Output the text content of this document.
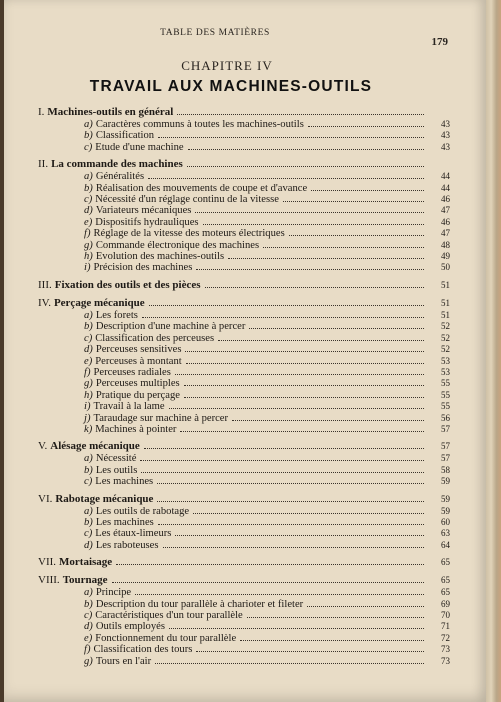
TABLE DES MATIÈRES
179
CHAPITRE IV
TRAVAIL AUX MACHINES-OUTILS
I. Machines-outils en général
a) Caractères communs à toutes les machines-outils	43
b) Classification	43
c) Etude d'une machine	43
II. La commande des machines
a) Généralités	44
b) Réalisation des mouvements de coupe et d'avance	44
c) Nécessité d'un réglage continu de la vitesse	46
d) Variateurs mécaniques	47
e) Dispositifs hydrauliques	46
f) Réglage de la vitesse des moteurs électriques	47
g) Commande électronique des machines	48
h) Evolution des machines-outils	49
i) Précision des machines	50
III. Fixation des outils et des pièces	51
IV. Perçage mécanique	51
a) Les forets	51
b) Description d'une machine à percer	52
c) Classification des perceuses	52
d) Perceuses sensitives	52
e) Perceuses à montant	53
f) Perceuses radiales	53
g) Perceuses multiples	55
h) Pratique du perçage	55
i) Travail à la lame	55
j) Taraudage sur machine à percer	56
k) Machines à pointer	57
V. Alésage mécanique	57
a) Nécessité	57
b) Les outils	58
c) Les machines	59
VI. Rabotage mécanique	59
a) Les outils de rabotage	59
b) Les machines	60
c) Les étaux-limeurs	63
d) Les raboteuses	64
VII. Mortaisage	65
VIII. Tournage	65
a) Principe	65
b) Description du tour parallèle à charioter et fileter	69
c) Caractéristiques d'un tour parallèle	70
d) Outils employés	71
e) Fonctionnement du tour parallèle	72
f) Classification des tours	73
g) Tours en l'air	73
